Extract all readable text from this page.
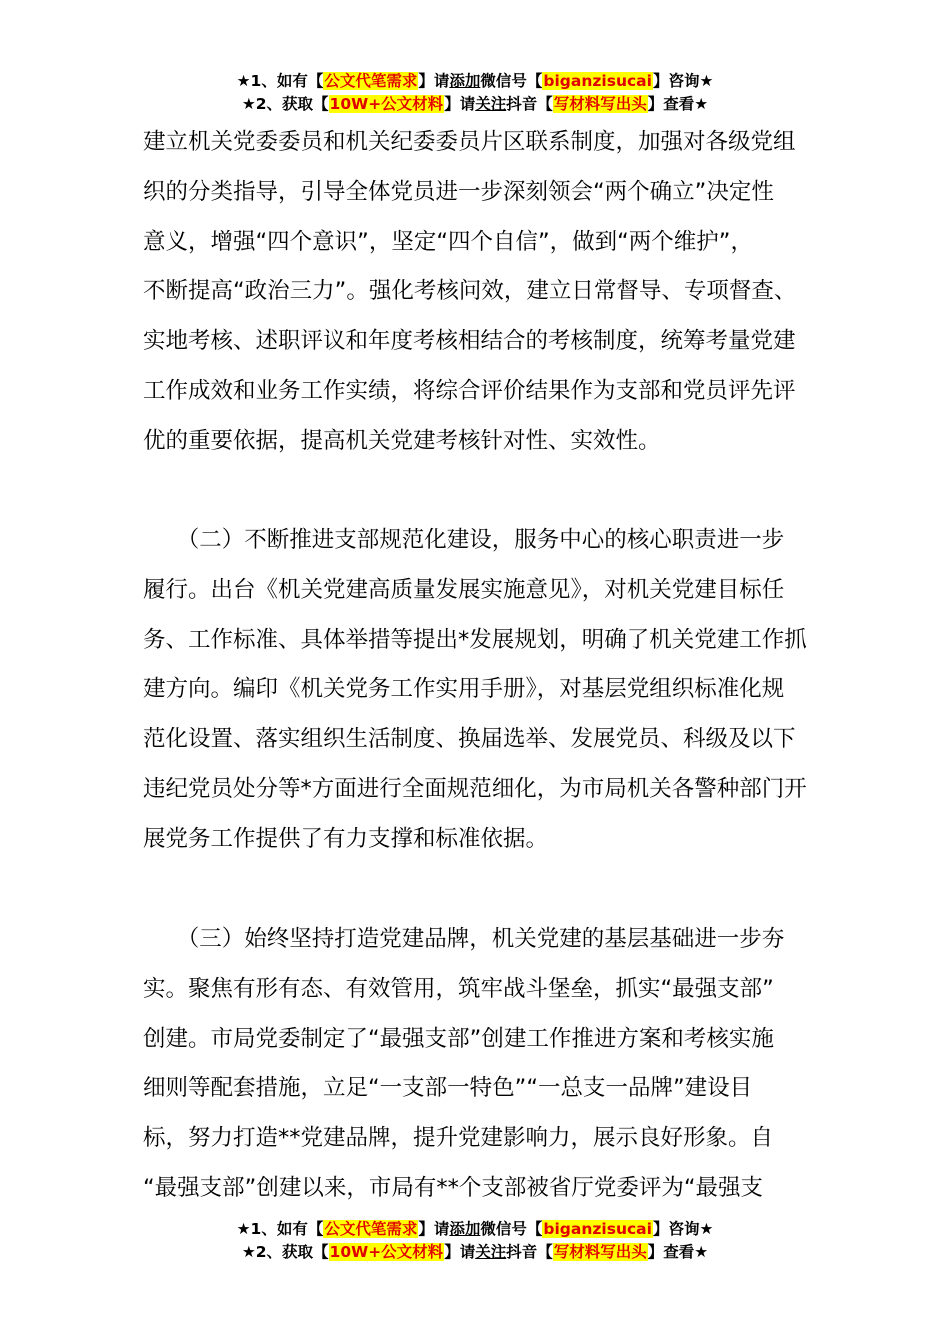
★1、如有【公文代笔需求】请添加微信号【biganzisucai】咨询★
★2、获取【10W+公文材料】请关注抖音【写材料写出头】查看★
建立机关党委委员和机关纪委委员片区联系制度，加强对各级党组
织的分类指导，引导全体党员进一步深刻领会“两个确立”决定性
意义，增强“四个意识”，坚定“四个自信”，做到“两个维护”，
不断提高“政治三力”。强化考核问效，建立日常督导、专项督查、
实地考核、述职评议和年度考核相结合的考核制度，统筹考量党建
工作成效和业务工作实绩，将综合评价结果作为支部和党员评先评
优的重要依据，提高机关党建考核针对性、实效性。
　　（二）不断推进支部规范化建设，服务中心的核心职责进一步
履行。出台《机关党建高质量发展实施意见》，对机关党建目标任
务、工作标准、具体举措等提出*发展规划，明确了机关党建工作抓
建方向。编印《机关党务工作实用手册》，对基层党组织标准化规
范化设置、落实组织生活制度、换届选举、发展党员、科级及以下
违纪党员处分等*方面进行全面规范细化，为市局机关各警种部门开
展党务工作提供了有力支撑和标准依据。
　　（三）始终坚持打造党建品牌，机关党建的基层基础进一步夯
实。聚焦有形有态、有效管用，筑牢战斗堡垒，抓实“最强支部”
创建。市局党委制定了“最强支部”创建工作推进方案和考核实施
细则等配套措施，立足“一支部一特色”“一总支一品牌”建设目
标，努力打造**党建品牌，提升党建影响力，展示良好形象。自
“最强支部”创建以来，市局有**个支部被省厅党委评为“最强支
★1、如有【公文代笔需求】请添加微信号【biganzisucai】咨询★
★2、获取【10W+公文材料】请关注抖音【写材料写出头】查看★
